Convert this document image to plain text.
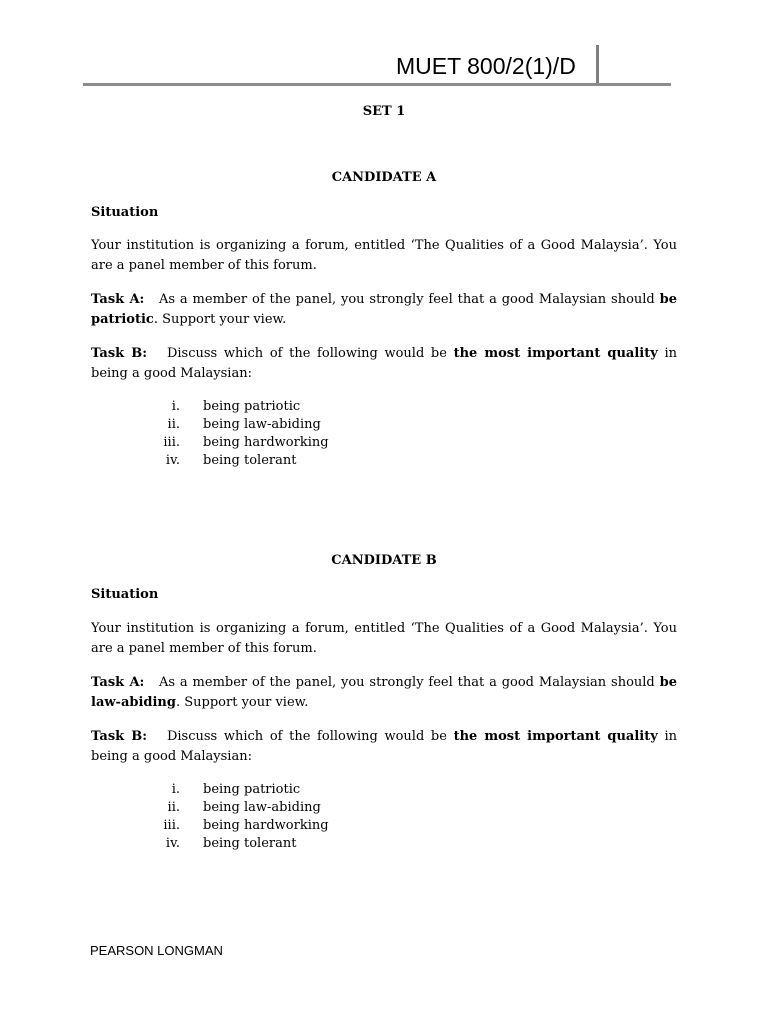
MUET 800/2(1)/D
SET 1
CANDIDATE A
Situation
Your institution is organizing a forum, entitled ‘The Qualities of a Good Malaysia’. You are a panel member of this forum.
Task A: As a member of the panel, you strongly feel that a good Malaysian should be patriotic. Support your view.
Task B: Discuss which of the following would be the most important quality in being a good Malaysian:
i. being patriotic
ii. being law-abiding
iii. being hardworking
iv. being tolerant
CANDIDATE B
Situation
Your institution is organizing a forum, entitled ‘The Qualities of a Good Malaysia’. You are a panel member of this forum.
Task A: As a member of the panel, you strongly feel that a good Malaysian should be law-abiding. Support your view.
Task B: Discuss which of the following would be the most important quality in being a good Malaysian:
i. being patriotic
ii. being law-abiding
iii. being hardworking
iv. being tolerant
PEARSON LONGMAN
